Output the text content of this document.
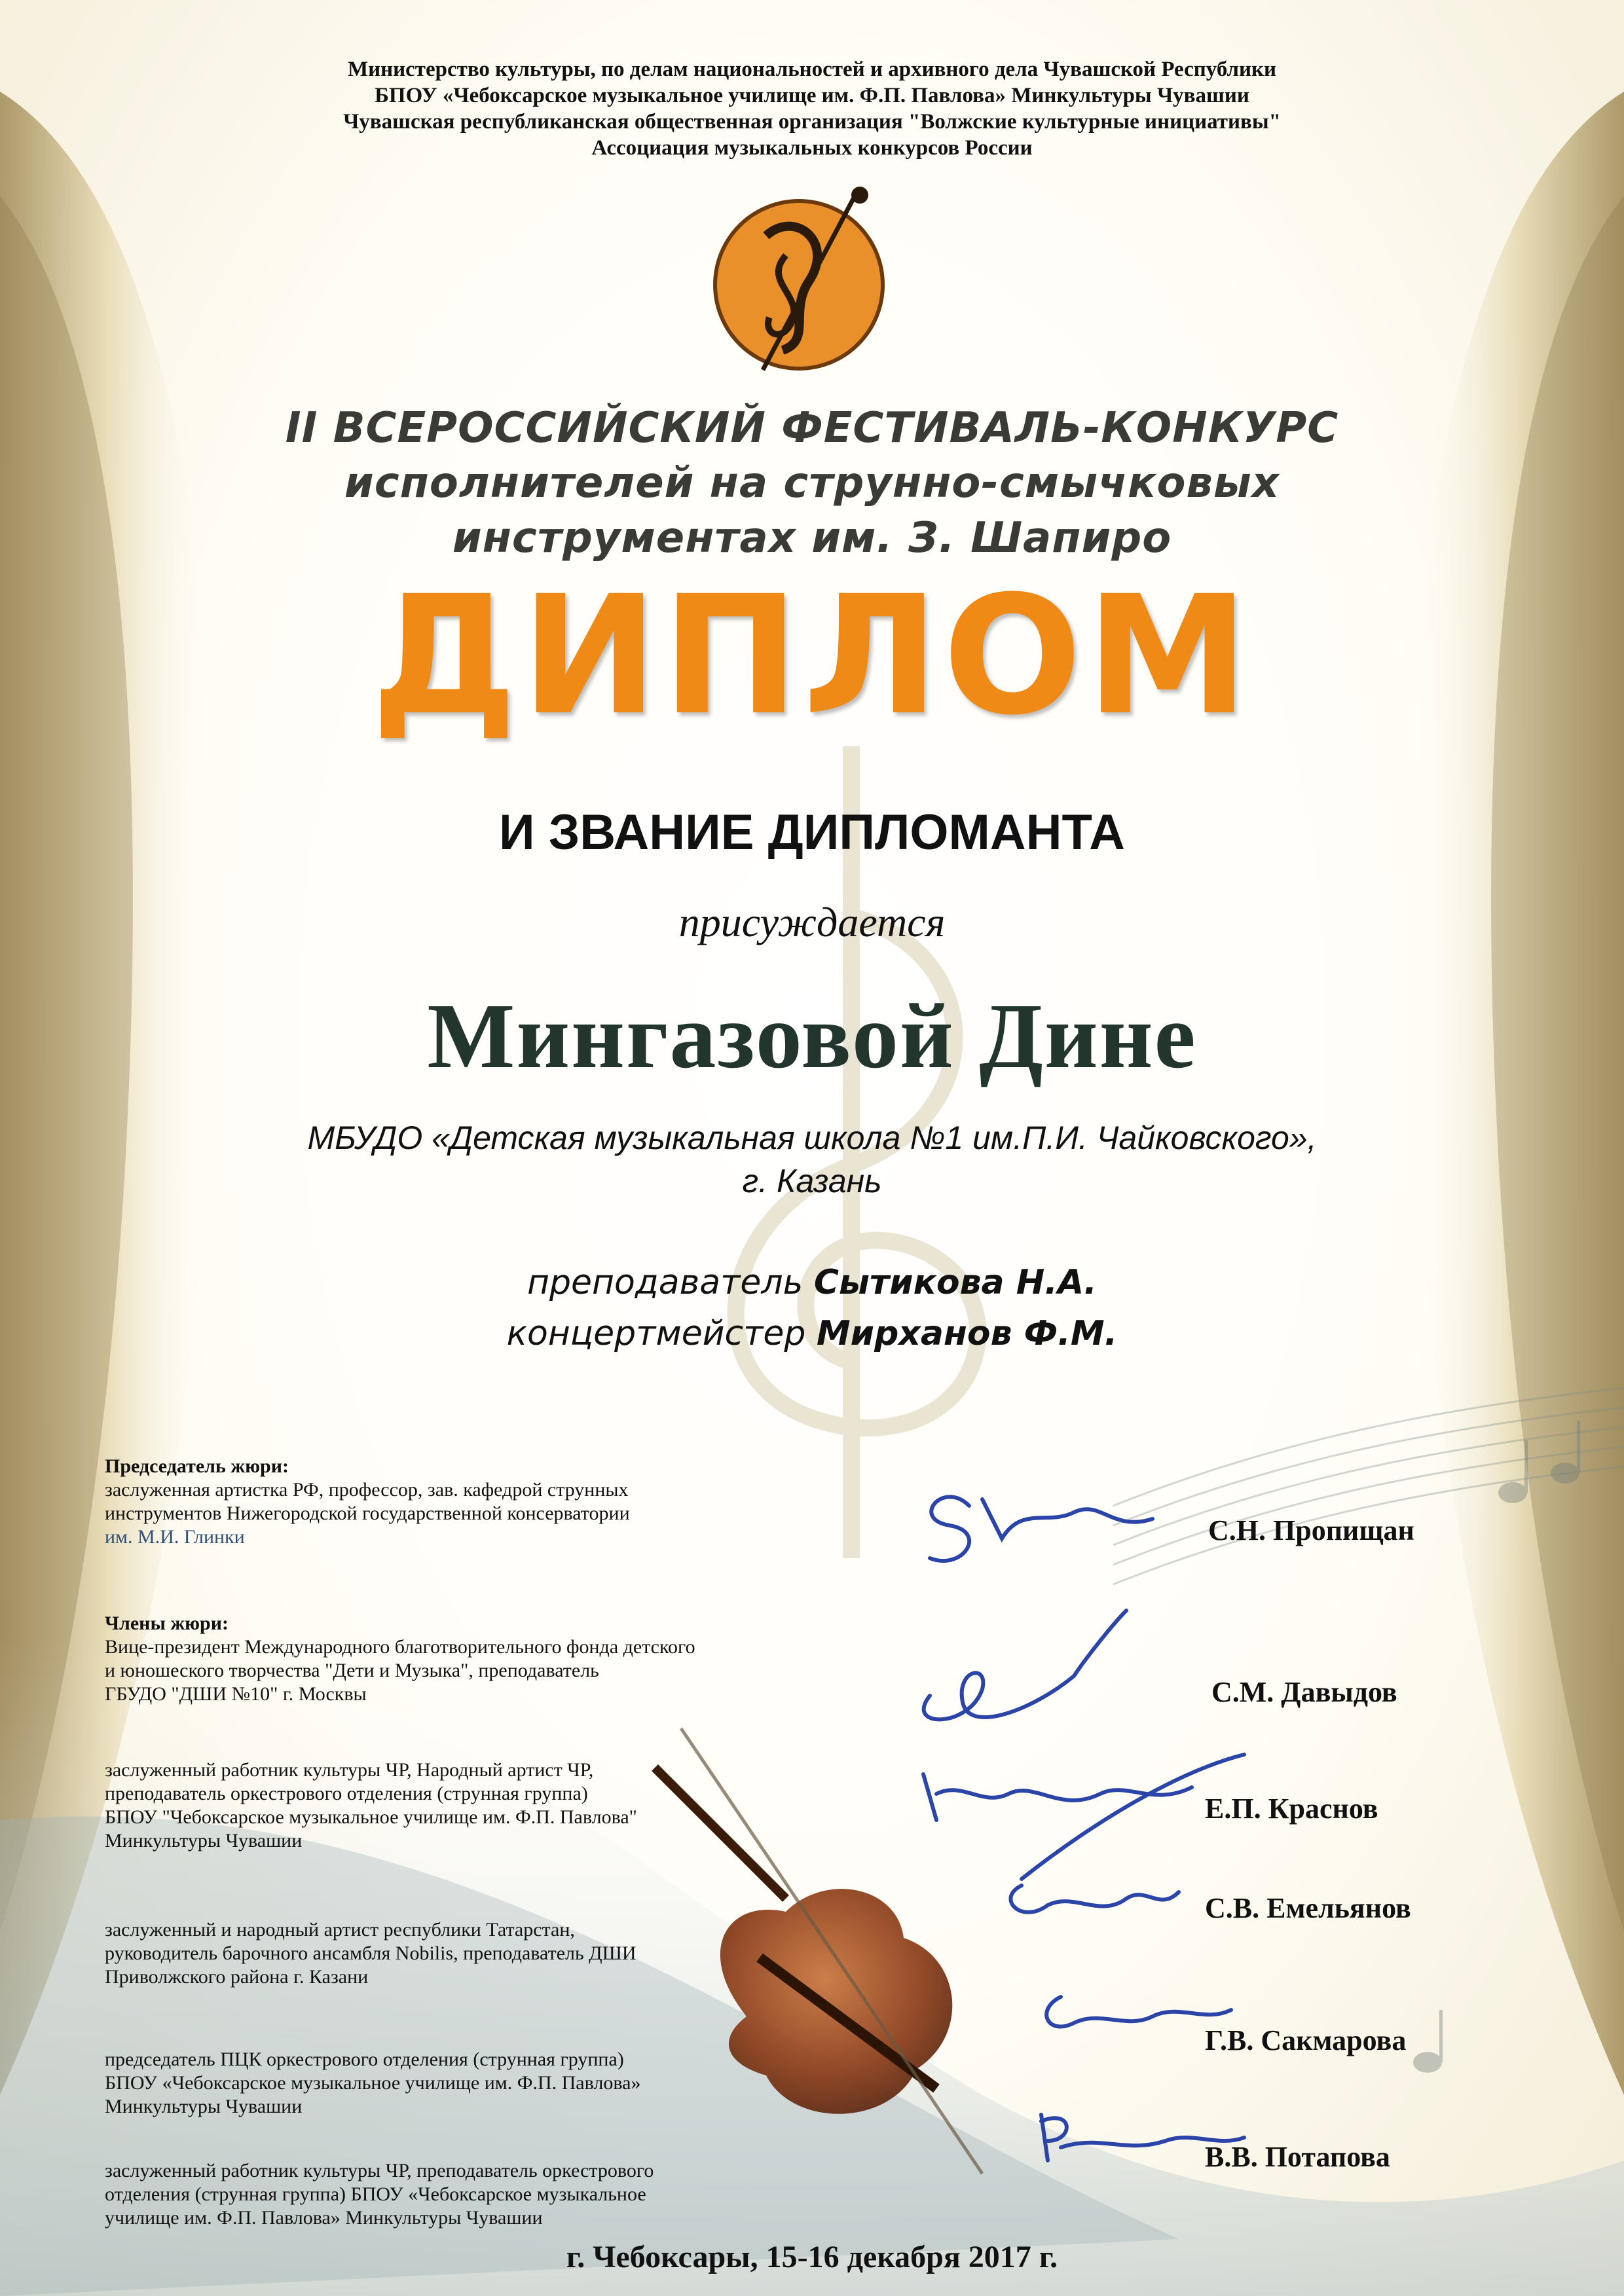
Министерство культуры, по делам национальностей и архивного дела Чувашской Республики
БПОУ «Чебоксарское музыкальное училище им. Ф.П. Павлова» Минкультуры Чувашии
Чувашская республиканская общественная организация "Волжские культурные инициативы"
Ассоциация музыкальных конкурсов России
II ВСЕРОССИЙСКИЙ ФЕСТИВАЛЬ-КОНКУРС
исполнителей на струнно-смычковых
инструментах им. З. Шапиро
ДИПЛОМ
И ЗВАНИЕ ДИПЛОМАНТА
присуждается
Мингазовой Дине
МБУДО «Детская музыкальная школа №1 им.П.И. Чайковского»,
г. Казань
преподаватель Сытикова Н.А.
концертмейстер Мирханов Ф.М.
Председатель жюри:
заслуженная артистка РФ, профессор, зав. кафедрой струнных
инструментов Нижегородской государственной консерватории
им. М.И. Глинки	С.Н. Пропищан
Члены жюри:
Вице-президент Международного благотворительного фонда детского
и юношеского творчества "Дети и Музыка", преподаватель
ГБУДО "ДШИ №10" г. Москвы	С.М. Давыдов
заслуженный работник культуры ЧР, Народный артист ЧР,
преподаватель оркестрового отделения (струнная группа)
БПОУ "Чебоксарское музыкальное училище им. Ф.П. Павлова"
Минкультуры Чувашии
Е.П. Краснов
заслуженный и народный артист республики Татарстан,
руководитель барочного ансамбля Nobilis, преподаватель ДШИ
Приволжского района г. Казани
С.В. Емельянов
председатель ПЦК оркестрового отделения (струнная группа)
БПОУ «Чебоксарское музыкальное училище им. Ф.П. Павлова»
Минкультуры Чувашии
Г.В. Сакмарова
заслуженный работник культуры ЧР, преподаватель оркестрового
отделения (струнная группа) БПОУ «Чебоксарское музыкальное
училище им. Ф.П. Павлова» Минкультуры Чувашии
В.В. Потапова
г. Чебоксары, 15-16 декабря 2017 г.
